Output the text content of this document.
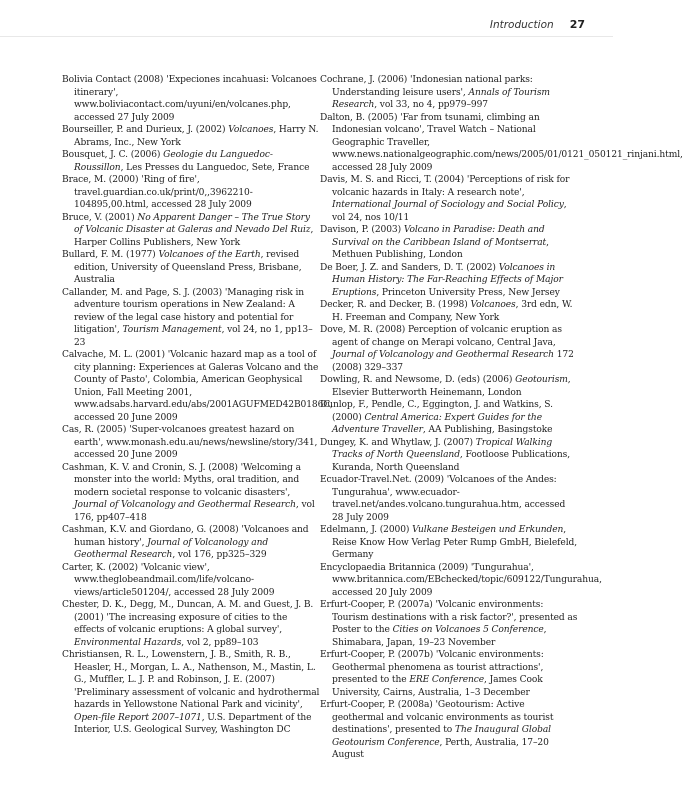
Introduction 27

Bolivia Contact (2008) 'Expeciones incahuasi: Volcanoes itinerary', www.boliviacontact.com/uyuni/en/volcanes.php, accessed 27 July 2009

Bourseiller, P. and Durieux, J. (2002) Volcanoes, Harry N. Abrams, Inc., New York

Bousquet, J. C. (2006) Geologie du Languedoc-Roussillon, Les Presses du Languedoc, Sete, France

Brace, M. (2000) 'Ring of fire', travel.guardian.co.uk/print/0,,3962210-104895,00.html, accessed 28 July 2009

Bruce, V. (2001) No Apparent Danger – The True Story of Volcanic Disaster at Galeras and Nevado Del Ruiz, Harper Collins Publishers, New York

Bullard, F. M. (1977) Volcanoes of the Earth, revised edition, University of Queensland Press, Brisbane, Australia

Callander, M. and Page, S. J. (2003) 'Managing risk in adventure tourism operations in New Zealand: A review of the legal case history and potential for litigation', Tourism Management, vol 24, no 1, pp13–23

Calvache, M. L. (2001) 'Volcanic hazard map as a tool of city planning: Experiences at Galeras Volcano and the County of Pasto', Colombia, American Geophysical Union, Fall Meeting 2001, www.adsabs.harvard.edu/abs/2001AGUFMED42B0186C, accessed 20 June 2009

Cas, R. (2005) 'Super-volcanoes greatest hazard on earth', www.monash.edu.au/news/newsline/story/341, accessed 20 June 2009

Cashman, K. V. and Cronin, S. J. (2008) 'Welcoming a monster into the world: Myths, oral tradition, and modern societal response to volcanic disasters', Journal of Volcanology and Geothermal Research, vol 176, pp407–418

Cashman, K.V. and Giordano, G. (2008) 'Volcanoes and human history', Journal of Volcanology and Geothermal Research, vol 176, pp325–329

Carter, K. (2002) 'Volcanic view', www.theglobeandmail.com/life/volcano-views/article501204/, accessed 28 July 2009

Chester, D. K., Degg, M., Duncan, A. M. and Guest, J. B. (2001) 'The increasing exposure of cities to the effects of volcanic eruptions: A global survey', Environmental Hazards, vol 2, pp89–103

Christiansen, R. L., Lowenstern, J. B., Smith, R. B., Heasler, H., Morgan, L. A., Nathenson, M., Mastin, L. G., Muffler, L. J. P. and Robinson, J. E. (2007) 'Preliminary assessment of volcanic and hydrothermal hazards in Yellowstone National Park and vicinity', Open-file Report 2007–1071, U.S. Department of the Interior, U.S. Geological Survey, Washington DC

Cochrane, J. (2006) 'Indonesian national parks: Understanding leisure users', Annals of Tourism Research, vol 33, no 4, pp979–997

Dalton, B. (2005) 'Far from tsunami, climbing an Indonesian volcano', Travel Watch – National Geographic Traveller, www.news.nationalgeographic.com/news/2005/01/0121_050121_rinjani.html, accessed 28 July 2009

Davis, M. S. and Ricci, T. (2004) 'Perceptions of risk for volcanic hazards in Italy: A research note', International Journal of Sociology and Social Policy, vol 24, nos 10/11

Davison, P. (2003) Volcano in Paradise: Death and Survival on the Caribbean Island of Montserrat, Methuen Publishing, London

De Boer, J. Z. and Sanders, D. T. (2002) Volcanoes in Human History: The Far-Reaching Effects of Major Eruptions, Princeton University Press, New Jersey

Decker, R. and Decker, B. (1998) Volcanoes, 3rd edn, W. H. Freeman and Company, New York

Dove, M. R. (2008) Perception of volcanic eruption as agent of change on Merapi volcano, Central Java, Journal of Volcanology and Geothermal Research 172 (2008) 329–337

Dowling, R. and Newsome, D. (eds) (2006) Geotourism, Elsevier Butterworth Heinemann, London

Dunlop, F., Pendle, C., Eggington, J. and Watkins, S. (2000) Central America: Expert Guides for the Adventure Traveller, AA Publishing, Basingstoke

Dungey, K. and Whytlaw, J. (2007) Tropical Walking Tracks of North Queensland, Footloose Publications, Kuranda, North Queensland

Ecuador-Travel.Net. (2009) 'Volcanoes of the Andes: Tungurahua', www.ecuador-travel.net/andes.volcano.tungurahua.htm, accessed 28 July 2009

Edelmann, J. (2000) Vulkane Besteigen und Erkunden, Reise Know How Verlag Peter Rump GmbH, Bielefeld, Germany

Encyclopaedia Britannica (2009) 'Tungurahua', www.britannica.com/EBchecked/topic/609122/Tungurahua, accessed 20 July 2009

Erfurt-Cooper, P. (2007a) 'Volcanic environments: Tourism destinations with a risk factor?', presented as Poster to the Cities on Volcanoes 5 Conference, Shimabara, Japan, 19–23 November

Erfurt-Cooper, P. (2007b) 'Volcanic environments: Geothermal phenomena as tourist attractions', presented to the ERE Conference, James Cook University, Cairns, Australia, 1–3 December

Erfurt-Cooper, P. (2008a) 'Geotourism: Active geothermal and volcanic environments as tourist destinations', presented to The Inaugural Global Geotourism Conference, Perth, Australia, 17–20 August
